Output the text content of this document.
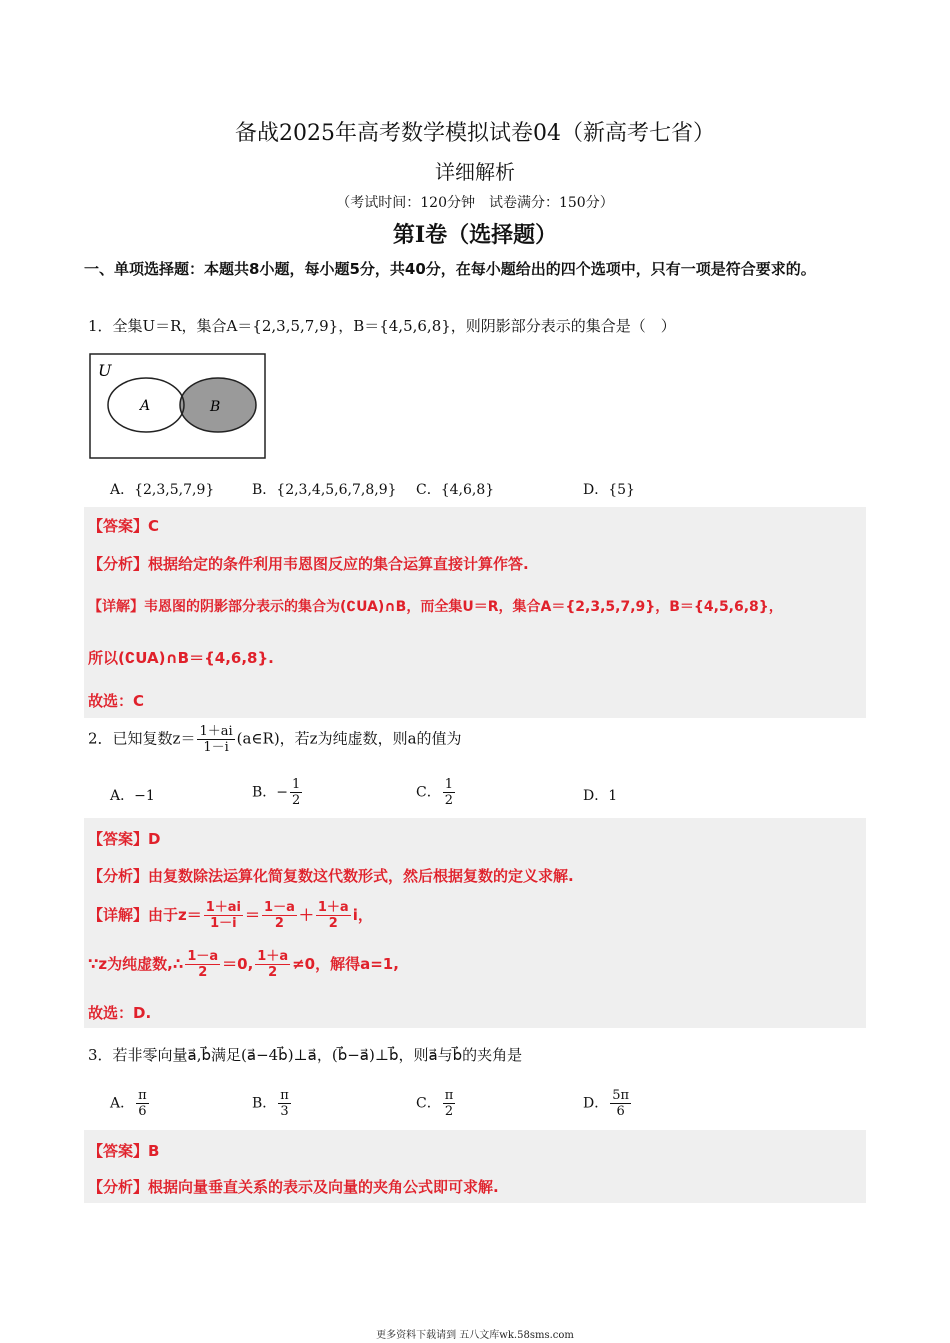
备战2025年高考数学模拟试卷04（新高考七省）
详细解析
（考试时间：120分钟　试卷满分：150分）
第I卷（选择题）
一、单项选择题：本题共8小题，每小题5分，共40分，在每小题给出的四个选项中，只有一项是符合要求的。
1．全集U＝R，集合A＝{2,3,5,7,9}，B＝{4,5,6,8}，则阴影部分表示的集合是（　）
U
A	B
A．{2,3,5,7,9}	B．{2,3,4,5,6,7,8,9} C．{4,6,8}	D．{5}
【答案】C
【分析】根据给定的条件利用韦恩图反应的集合运算直接计算作答.
【详解】韦恩图的阴影部分表示的集合为(∁UA)∩B，而全集U＝R，集合A＝{2,3,5,7,9}，B＝{4,5,6,8}，
所以(∁UA)∩B＝{4,6,8}.
故选：C
2．已知复数$z= \frac{1+ai}{1-i}$ (a∈R)，若z为纯虚数，则a的值为
A．−1	B．− $\frac{1}{2}$	C． $\frac{1}{2}$	D．1
【答案】D
【分析】由复数除法运算化简复数这代数形式，然后根据复数的定义求解.
【详解】由于$z= \frac{1+ai}{1-i} = \frac{1-a}{2} + \frac{1+a}{2}$ i，
∵z为纯虚数,∴ $\frac{1-a}{2} =0$, $\frac{1+a}{2} \ne 0$，解得a=1,
故选：D.
3．若非零向量a⃗,b⃗满足(a⃗−4b⃗)⊥a⃗，(b⃗−a⃗)⊥b⃗，则a⃗与b⃗的夹角是
A． $\frac{\pi}{6}$	B． $\frac{\pi}{3}$	C． $\frac{\pi}{2}$	D． $\frac{5\pi}{6}$
【答案】B
【分析】根据向量垂直关系的表示及向量的夹角公式即可求解.
更多资料下载请到 五八文库wk.58sms.com
